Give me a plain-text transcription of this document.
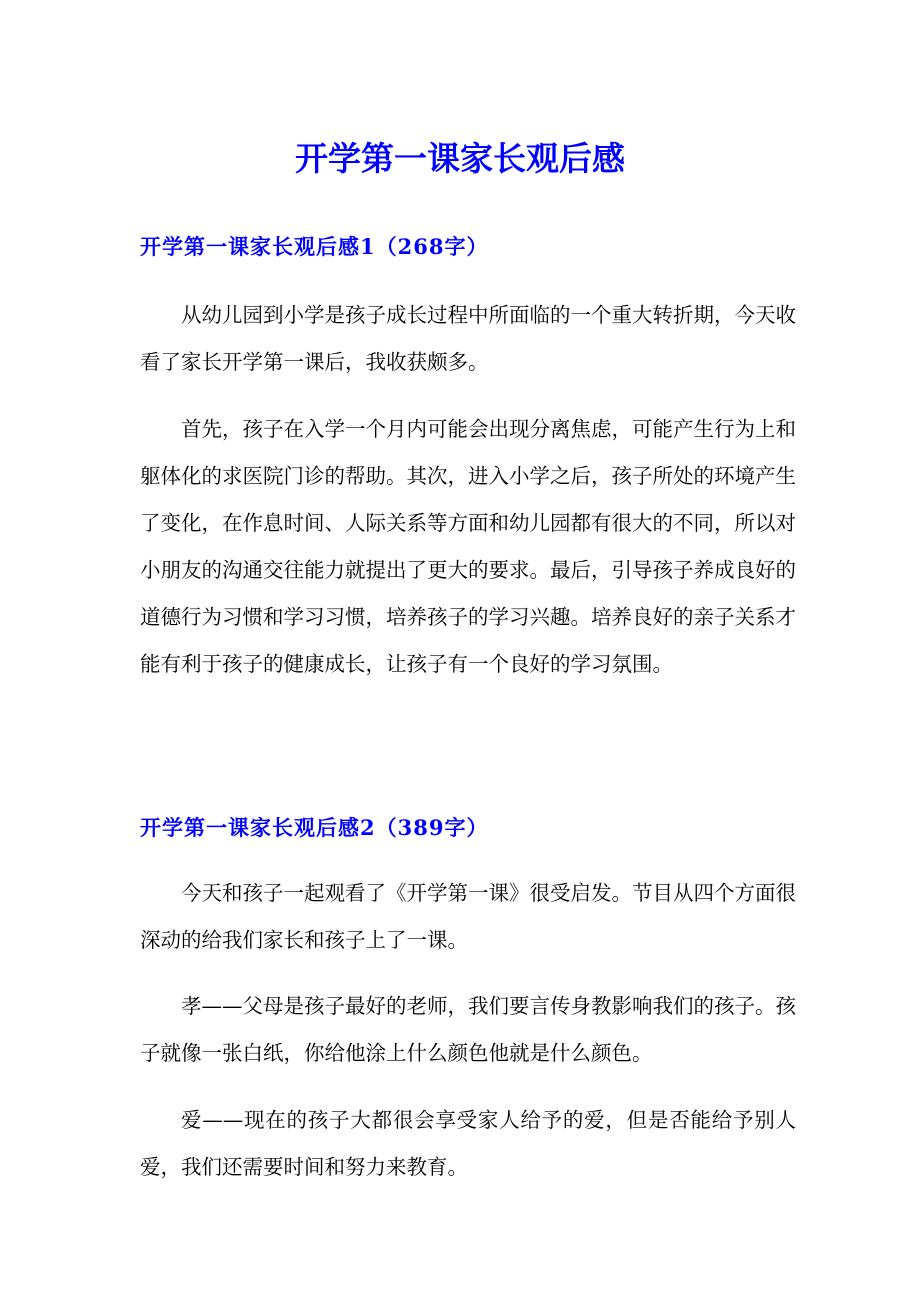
开学第一课家长观后感
开学第一课家长观后感1（268字）

从幼儿园到小学是孩子成长过程中所面临的一个重大转折期，今天收看了家长开学第一课后，我收获颇多。

首先，孩子在入学一个月内可能会出现分离焦虑，可能产生行为上和躯体化的求医院门诊的帮助。其次，进入小学之后，孩子所处的环境产生了变化，在作息时间、人际关系等方面和幼儿园都有很大的不同，所以对小朋友的沟通交往能力就提出了更大的要求。最后，引导孩子养成良好的道德行为习惯和学习习惯，培养孩子的学习兴趣。培养良好的亲子关系才能有利于孩子的健康成长，让孩子有一个良好的学习氛围。

开学第一课家长观后感2（389字）

今天和孩子一起观看了《开学第一课》很受启发。节目从四个方面很深动的给我们家长和孩子上了一课。

孝——父母是孩子最好的老师，我们要言传身教影响我们的孩子。孩子就像一张白纸，你给他涂上什么颜色他就是什么颜色。

爱——现在的孩子大都很会享受家人给予的爱，但是否能给予别人爱，我们还需要时间和努力来教育。
